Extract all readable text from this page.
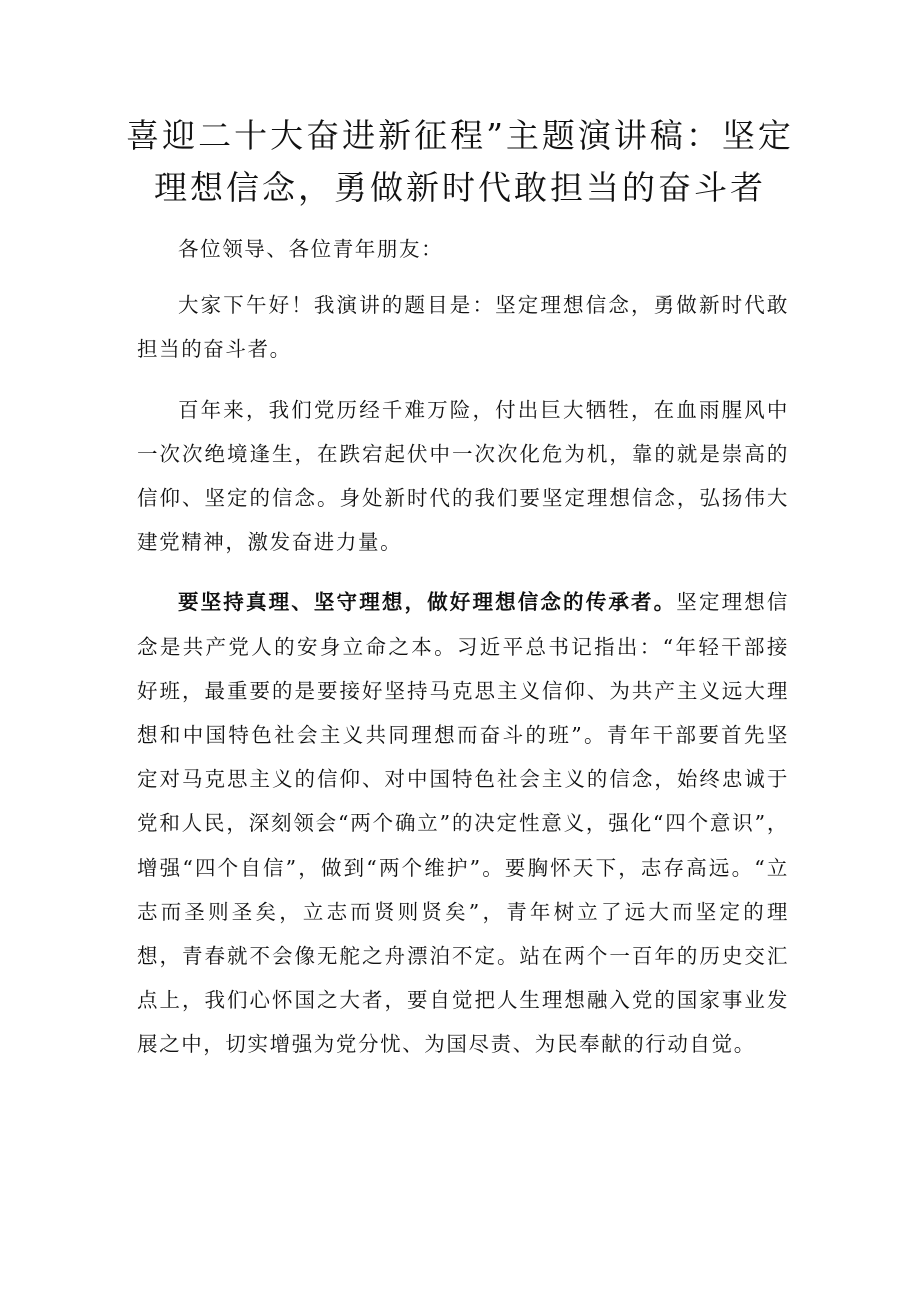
喜迎二十大奋进新征程”主题演讲稿：坚定
理想信念，勇做新时代敢担当的奋斗者

各位领导、各位青年朋友：

大家下午好！我演讲的题目是：坚定理想信念，勇做新时代敢担当的奋斗者。

百年来，我们党历经千难万险，付出巨大牺牲，在血雨腥风中一次次绝境逢生，在跌宕起伏中一次次化危为机，靠的就是崇高的信仰、坚定的信念。身处新时代的我们要坚定理想信念，弘扬伟大建党精神，激发奋进力量。

要坚持真理、坚守理想，做好理想信念的传承者。坚定理想信念是共产党人的安身立命之本。习近平总书记指出：“年轻干部接好班，最重要的是要接好坚持马克思主义信仰、为共产主义远大理想和中国特色社会主义共同理想而奋斗的班”。青年干部要首先坚定对马克思主义的信仰、对中国特色社会主义的信念，始终忠诚于党和人民，深刻领会“两个确立”的决定性意义，强化“四个意识”，增强“四个自信”，做到“两个维护”。要胸怀天下，志存高远。“立志而圣则圣矣，立志而贤则贤矣”，青年树立了远大而坚定的理想，青春就不会像无舵之舟漂泊不定。站在两个一百年的历史交汇点上，我们心怀国之大者，要自觉把人生理想融入党的国家事业发展之中，切实增强为党分忧、为国尽责、为民奉献的行动自觉。
